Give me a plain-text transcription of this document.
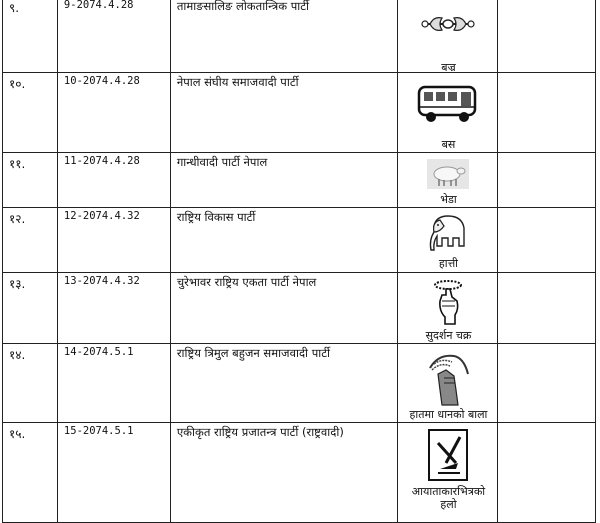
९.	9-2074.4.28	तामाङसालिङ लोकतान्त्रिक पार्टी	बज्र	

१०.	10-2074.4.28	नेपाल संघीय समाजवादी पार्टी	बस	

११.	11-2074.4.28	गान्धीवादी पार्टी नेपाल	भेडा	

१२.	12-2074.4.32	राष्ट्रिय विकास पार्टी	हात्ती	

१३.	13-2074.4.32	चुरेभावर राष्ट्रिय एकता पार्टी नेपाल	सुदर्शन चक्र	

१४.	14-2074.5.1	राष्ट्रिय त्रिमुल बहुजन समाजवादी पार्टी	हातमा धानको बाला	

१५.	15-2074.5.1	एकीकृत राष्ट्रिय प्रजातन्त्र पार्टी (राष्ट्रवादी)	आयाताकारभित्रको हलो	
